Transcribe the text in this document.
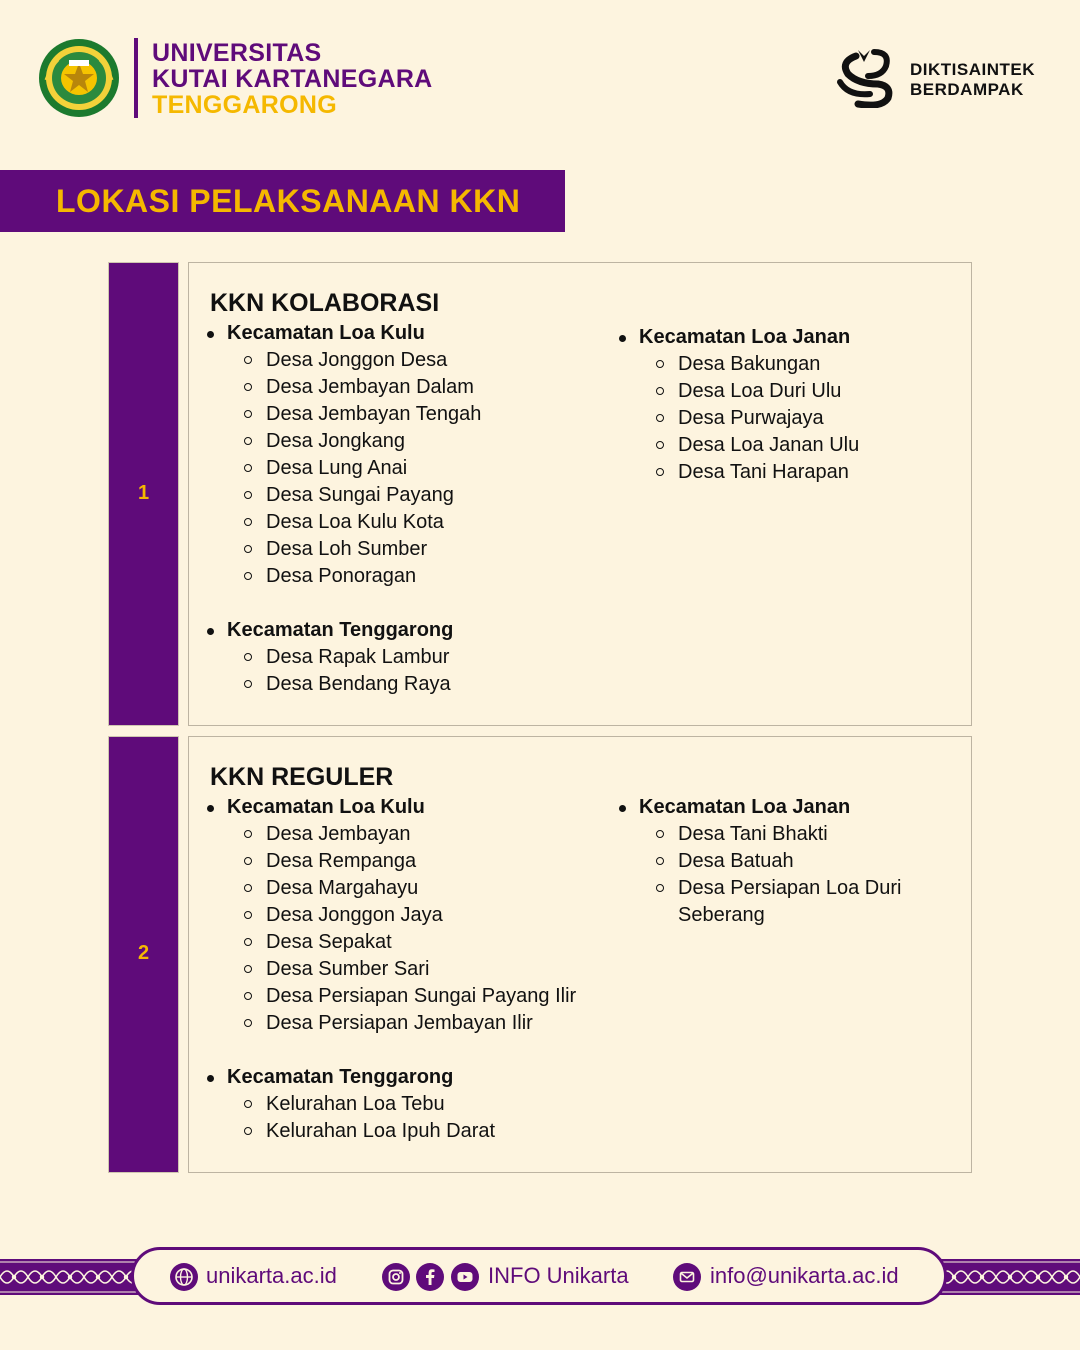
UNIVERSITAS
KUTAI KARTANEGARA
TENGGARONG
DIKTISAINTEK
BERDAMPAK
LOKASI PELAKSANAAN KKN
1
KKN KOLABORASI
Kecamatan Loa Kulu
Desa Jonggon Desa
Desa Jembayan Dalam
Desa Jembayan Tengah
Desa Jongkang
Desa Lung Anai
Desa Sungai Payang
Desa Loa Kulu Kota
Desa Loh Sumber
Desa Ponoragan
Kecamatan Tenggarong
Desa Rapak Lambur
Desa Bendang Raya
Kecamatan Loa Janan
Desa Bakungan
Desa Loa Duri Ulu
Desa Purwajaya
Desa Loa Janan Ulu
Desa Tani Harapan
2
KKN REGULER
Kecamatan Loa Kulu
Desa Jembayan
Desa Rempanga
Desa Margahayu
Desa Jonggon Jaya
Desa Sepakat
Desa Sumber Sari
Desa Persiapan Sungai Payang Ilir
Desa Persiapan Jembayan Ilir
Kecamatan Tenggarong
Kelurahan Loa Tebu
Kelurahan Loa Ipuh Darat
Kecamatan Loa Janan
Desa Tani Bhakti
Desa Batuah
Desa Persiapan Loa Duri Seberang
unikarta.ac.id	INFO Unikarta	info@unikarta.ac.id
